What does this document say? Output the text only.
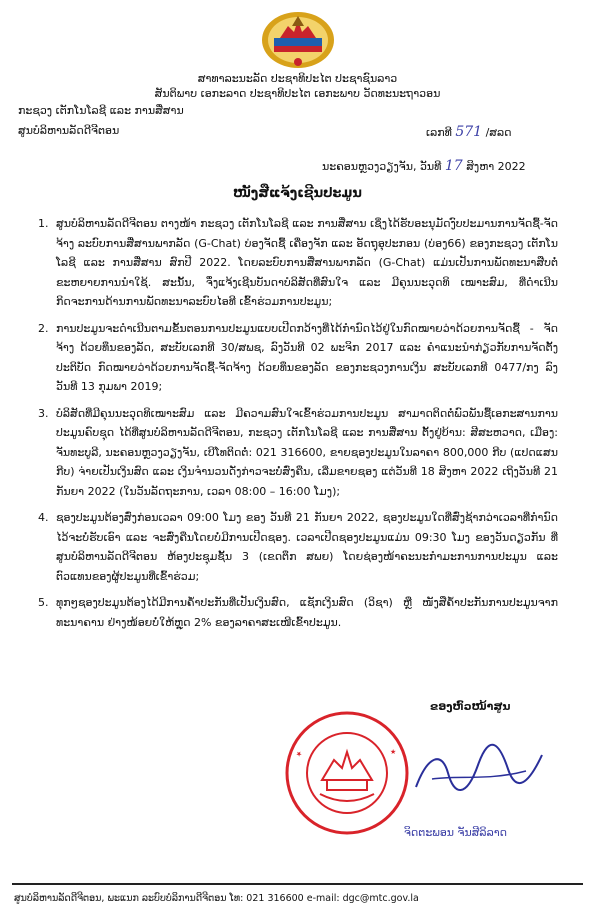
ສາທາລະນະລັດ ປະຊາທິປະໄຕ ປະຊາຊົນລາວ
ສັນຕິພາບ ເອກະລາດ ປະຊາທິປະໄຕ ເອກະພາບ ວັດທະນະຖາວອນ
ກະຊວງ ເຕັກໂນໂລຊີ ແລະ ການສື່ສານ
ສູນບໍລິຫານລັດດີຈີຕອນ	ເລກທີ 571 /ສລດ
ນະຄອນຫຼວງວຽງຈັນ, ວັນທີ 17 ສິງຫາ 2022
ໜັງສືແຈ້ງເຊີນປະມູນ
1. ສູນບໍລິຫານລັດດີຈີຕອນ ຕາງໜ້າ ກະຊວງ ເຕັກໂນໂລຊີ ແລະ ການສື່ສານ ເຊິ່ງໄດ້ຮັບອະນຸມັດງົບປະມານການຈັດຊື້-ຈັດຈ້າງ ລະບົບການສື່ສານພາກລັດ (G-Chat) ບ່ອງຈັດຊື້ ເຄື່ອງຈັກ ແລະ ອັດຖຸອຸປະກອນ (ບ່ອງ66) ຂອງກະຊວງ ເຕັກໂນໂລຊີ ແລະ ການສື່ສານ ສົກປີ 2022. ໂດຍລະບົບການສື່ສານພາກລັດ (G-Chat) ແມ່ນເປັນການພັດທະນາສືບຕໍ່ຂະຫຍາຍການນຳໃຊ້. ສະນັ້ນ, ຈຶ່ງແຈ້ງເຊີນບັນດາບໍລິສັດທີ່ສົນໃຈ ແລະ ມີຄຸນນະວຸດທິ ເໝາະສົມ, ທີ່ດຳເນີນກິດຈະການດ້ານການພັດທະນາລະບົບໄອທີ ເຂົ້າຮ່ວມການປະມູນ;
2. ການປະມູນຈະດຳເນີນຕາມຂັ້ນຕອນການປະມູນແບບເປີດກວ້າງທີ່ໄດ້ກຳນົດໄວ້ຢູ່ໃນກົດໝາຍວ່າດ້ວຍການຈັດຊື້ - ຈັດຈ້າງ ດ້ວຍທຶນຂອງລັດ, ສະບັບເລກທີ 30/ສພຊ, ລົງວັນທີ 02 ພະຈິກ 2017 ແລະ ຄຳແນະນຳກ່ຽວກັບການຈັດຕັ້ງປະຕິບັດ ກົດໝາຍວ່າດ້ວຍການຈັດຊື້-ຈັດຈ້າງ ດ້ວຍທຶນຂອງລັດ ຂອງກະຊວງການເງິນ ສະບັບເລກທີ 0477/ກງ ລົງວັນທີ 13 ກຸມພາ 2019;
3. ບໍລິສັດທີ່ມີຄຸນນະວຸດທິເໝາະສົມ ແລະ ມີຄວາມສົນໃຈເຂົ້າຮ່ວມການປະມູນ ສາມາດຕິດຕໍ່ພົວພັນຊື້ເອກະສານການປະມູນຄົບຊຸດ ໄດ້ທີ່ສູນບໍລິຫານລັດດີຈີຕອນ, ກະຊວງ ເຕັກໂນໂລຊີ ແລະ ການສື່ສານ ຕັ້ງຢູ່ບ້ານ: ສີສະຫວາດ, ເມືອງ: ຈັນທະບູລີ, ນະຄອນຫຼວງວຽງຈັນ, ເບີໂທຕິດຕໍ່: 021 316600, ຂາຍຊອງປະມູນໃນລາຄາ 800,000 ກີບ (ແປດແສນກີບ) ຈ່າຍເປັນເງິນສົດ ແລະ ເງິນຈຳນວນດັ່ງກ່າວຈະບໍ່ສົ່ງຄືນ, ເລີ່ມຂາຍຊອງ ແຕ່ວັນທີ 18 ສິງຫາ 2022 ເຖິງວັນທີ 21 ກັນຍາ 2022 (ໃນວັນລັດຖະການ, ເວລາ 08:00 – 16:00 ໂມງ);
4. ຊອງປະມູນຕ້ອງສົ່ງກ່ອນເວລາ 09:00 ໂມງ ຂອງ ວັນທີ 21 ກັນຍາ 2022, ຊອງປະມູນໃດທີ່ສົ່ງຊ້າກວ່າເວລາທີ່ກຳນົດໄວ້ຈະບໍ່ຮັບເອົາ ແລະ ຈະສົ່ງຄືນໂດຍບໍ່ມີການເປີດຊອງ. ເວລາເປີດຊອງປະມູນແມ່ນ 09:30 ໂມງ ຂອງວັນດຽວກັນ ທີ່ສູນບໍລິຫານລັດດີຈີຕອນ ຫ້ອງປະຊຸມຊັ້ນ 3 (ເຂດຕຶກ ສພຍ) ໂດຍຊ່ອງໜ້າຄະນະກຳມະການການປະມູນ ແລະ ຕົວແທນຂອງຜູ້ປະມູນທີ່ເຂົ້າຮ່ວມ;
5. ທຸກໆຊອງປະມູນຕ້ອງໄດ້ມີການຄ້ຳປະກັນທີ່ເປັນເງິນສົດ, ແຊັກເງິນສົດ (ວິຊາ) ຫຼື ໜັງສືຄ້ຳປະກັນການປະມູນຈາກທະນາຄານ ຢ່າງໜ້ອຍບໍ່ໃຫ້ຫຼຸດ 2% ຂອງລາຄາສະເໜີເຂົ້າປະມູນ.
ຂອງຫົວໜ້າສູນ
★	★
ຈິດຕະພອນ ຈັນສີລິລາດ
ສູນບໍລິຫານລັດດີຈີຕອນ, ພະແນກ ລະບົບບໍລິການດີຈີຕອນ ໂທ: 021 316600 e-mail: dgc@mtc.gov.la
